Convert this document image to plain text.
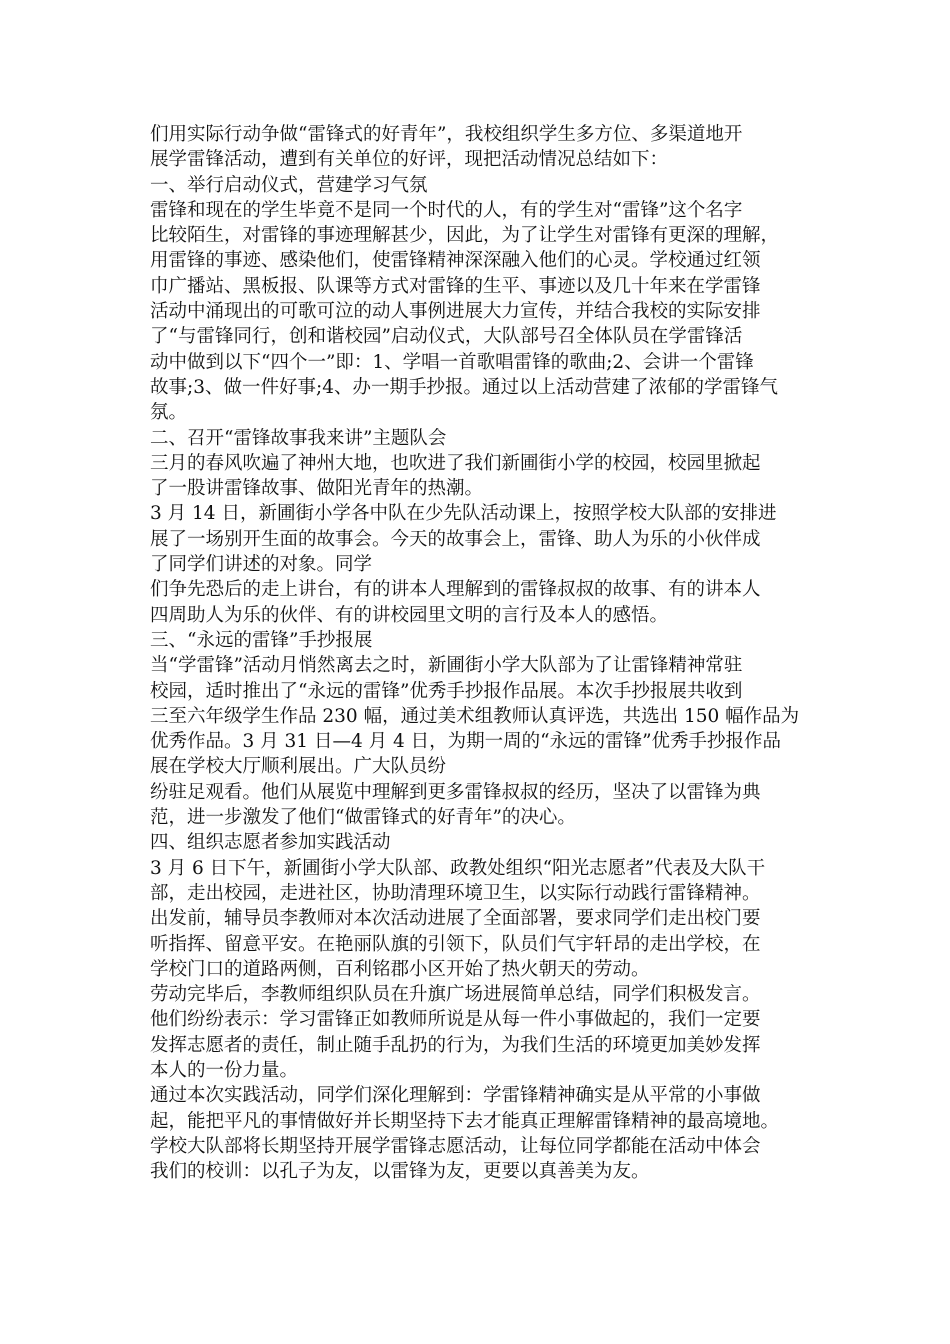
们用实际行动争做“雷锋式的好青年”，我校组织学生多方位、多渠道地开
展学雷锋活动，遭到有关单位的好评，现把活动情况总结如下：
一、举行启动仪式，营建学习气氛
雷锋和现在的学生毕竟不是同一个时代的人，有的学生对“雷锋”这个名字
比较陌生，对雷锋的事迹理解甚少，因此，为了让学生对雷锋有更深的理解，
用雷锋的事迹、感染他们，使雷锋精神深深融入他们的心灵。学校通过红领
巾广播站、黑板报、队课等方式对雷锋的生平、事迹以及几十年来在学雷锋
活动中涌现出的可歌可泣的动人事例进展大力宣传，并结合我校的实际安排
了“与雷锋同行，创和谐校园”启动仪式，大队部号召全体队员在学雷锋活
动中做到以下“四个一”即：1、学唱一首歌唱雷锋的歌曲;2、会讲一个雷锋
故事;3、做一件好事;4、办一期手抄报。通过以上活动营建了浓郁的学雷锋气
氛。
二、召开“雷锋故事我来讲”主题队会
三月的春风吹遍了神州大地，也吹进了我们新圃街小学的校园，校园里掀起
了一股讲雷锋故事、做阳光青年的热潮。
3 月 14 日，新圃街小学各中队在少先队活动课上，按照学校大队部的安排进
展了一场别开生面的故事会。今天的故事会上，雷锋、助人为乐的小伙伴成
了同学们讲述的对象。同学
们争先恐后的走上讲台，有的讲本人理解到的雷锋叔叔的故事、有的讲本人
四周助人为乐的伙伴、有的讲校园里文明的言行及本人的感悟。
三、“永远的雷锋”手抄报展
当“学雷锋”活动月悄然离去之时，新圃街小学大队部为了让雷锋精神常驻
校园，适时推出了“永远的雷锋”优秀手抄报作品展。本次手抄报展共收到
三至六年级学生作品 230 幅，通过美术组教师认真评选，共选出 150 幅作品为
优秀作品。3 月 31 日—4 月 4 日，为期一周的“永远的雷锋”优秀手抄报作品
展在学校大厅顺利展出。广大队员纷
纷驻足观看。他们从展览中理解到更多雷锋叔叔的经历，坚决了以雷锋为典
范，进一步激发了他们“做雷锋式的好青年”的决心。
四、组织志愿者参加实践活动
3 月 6 日下午，新圃街小学大队部、政教处组织“阳光志愿者”代表及大队干
部，走出校园，走进社区，协助清理环境卫生，以实际行动践行雷锋精神。
出发前，辅导员李教师对本次活动进展了全面部署，要求同学们走出校门要
听指挥、留意平安。在艳丽队旗的引领下，队员们气宇轩昂的走出学校，在
学校门口的道路两侧，百利铭郡小区开始了热火朝天的劳动。
劳动完毕后，李教师组织队员在升旗广场进展简单总结，同学们积极发言。
他们纷纷表示：学习雷锋正如教师所说是从每一件小事做起的，我们一定要
发挥志愿者的责任，制止随手乱扔的行为，为我们生活的环境更加美妙发挥
本人的一份力量。
通过本次实践活动，同学们深化理解到：学雷锋精神确实是从平常的小事做
起，能把平凡的事情做好并长期坚持下去才能真正理解雷锋精神的最高境地。
学校大队部将长期坚持开展学雷锋志愿活动，让每位同学都能在活动中体会
我们的校训：以孔子为友，以雷锋为友，更要以真善美为友。
